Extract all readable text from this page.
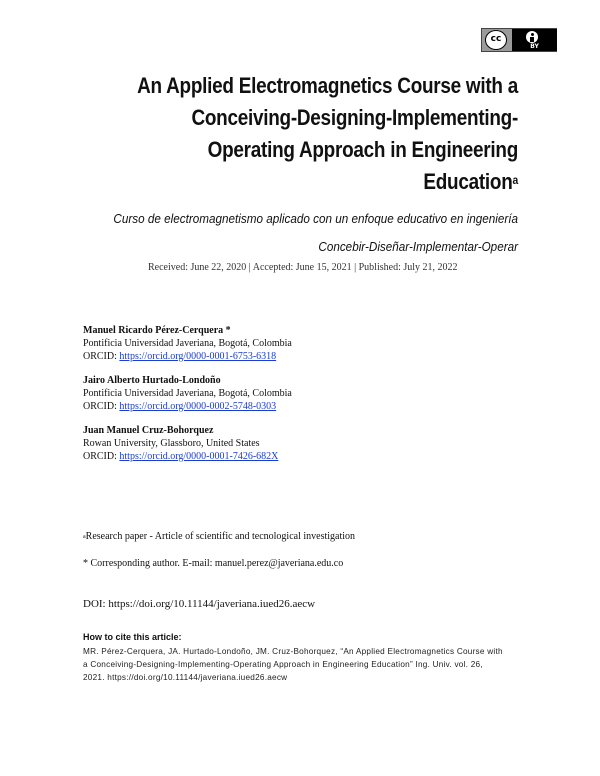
cc
BY
An Applied Electromagnetics Course with a
Conceiving-Designing-Implementing-
Operating Approach in Engineering
Education$^a$
Curso de electromagnetismo aplicado con un enfoque educativo en ingeniería
Concebir-Diseñar-Implementar-Operar
Received: June 22, 2020 | Accepted: June 15, 2021 | Published: July 21, 2022
Manuel Ricardo Pérez-Cerquera *
Pontificia Universidad Javeriana, Bogotá, Colombia
ORCID: https://orcid.org/0000-0001-6753-6318
Jairo Alberto Hurtado-Londoño
Pontificia Universidad Javeriana, Bogotá, Colombia
ORCID: https://orcid.org/0000-0002-5748-0303
Juan Manuel Cruz-Bohorquez
Rowan University, Glassboro, United States
ORCID: https://orcid.org/0000-0001-7426-682X
$^a$Research paper - Article of scientific and tecnological investigation
* Corresponding author. E-mail: manuel.perez@javeriana.edu.co
DOI: https://doi.org/10.11144/javeriana.iued26.aecw
How to cite this article:
MR. Pérez-Cerquera, JA. Hurtado-Londoño, JM. Cruz-Bohorquez, “An Applied Electromagnetics Course with
a Conceiving-Designing-Implementing-Operating Approach in Engineering Education” Ing. Univ. vol. 26,
2021. https://doi.org/10.11144/javeriana.iued26.aecw
